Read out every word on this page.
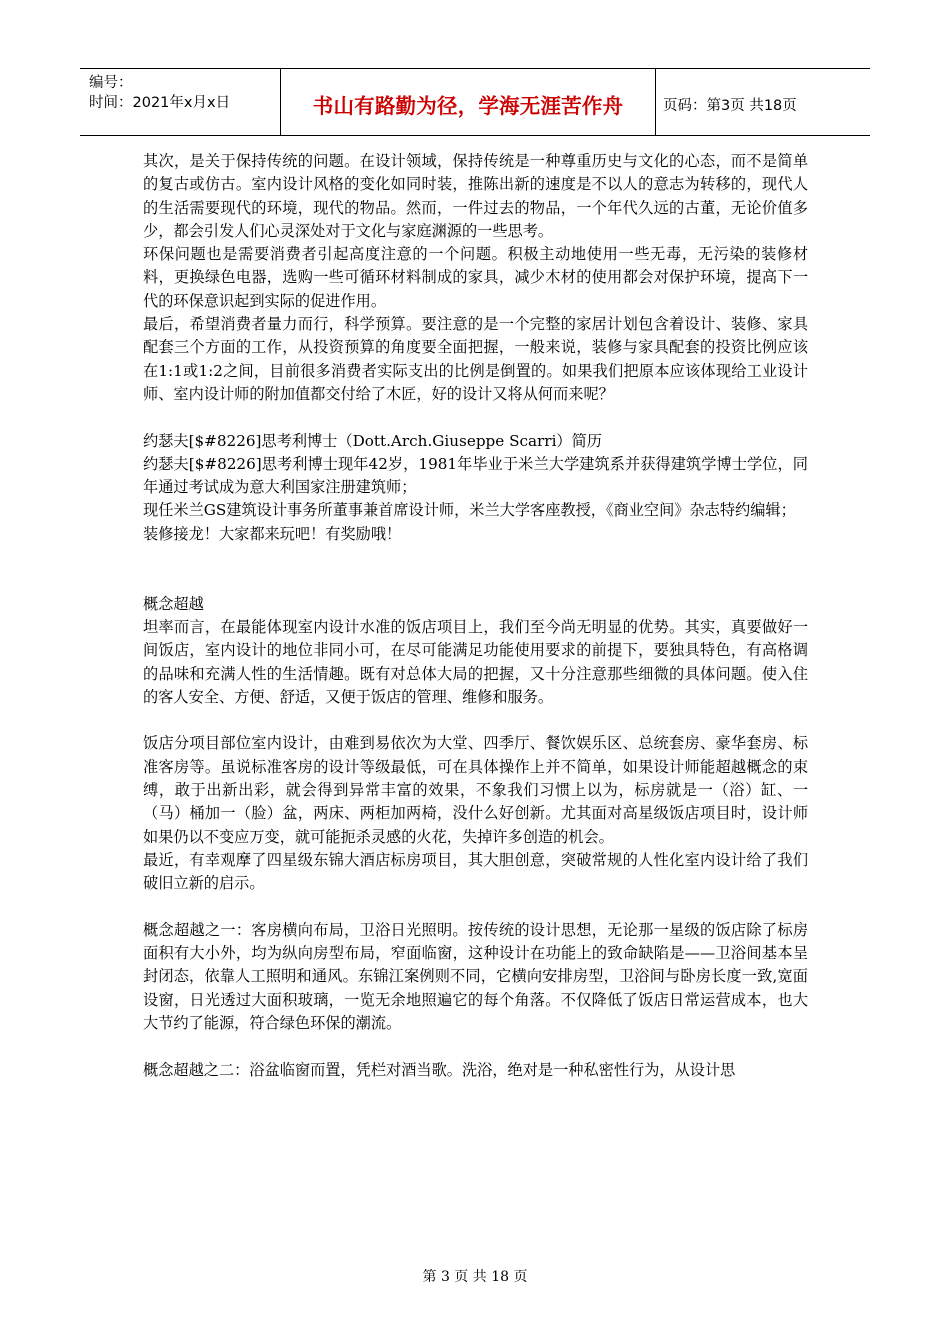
编号：
时间：2021年x月x日	书山有路勤为径，学海无涯苦作舟	页码：第3页 共18页

其次，是关于保持传统的问题。在设计领域，保持传统是一种尊重历史与文化的心态，而不是简单的复古或仿古。室内设计风格的变化如同时装，推陈出新的速度是不以人的意志为转移的，现代人的生活需要现代的环境，现代的物品。然而，一件过去的物品，一个年代久远的古董，无论价值多少，都会引发人们心灵深处对于文化与家庭渊源的一些思考。

环保问题也是需要消费者引起高度注意的一个问题。积极主动地使用一些无毒，无污染的装修材料，更换绿色电器，选购一些可循环材料制成的家具，减少木材的使用都会对保护环境，提高下一代的环保意识起到实际的促进作用。

最后，希望消费者量力而行，科学预算。要注意的是一个完整的家居计划包含着设计、装修、家具配套三个方面的工作，从投资预算的角度要全面把握，一般来说，装修与家具配套的投资比例应该在1:1或1:2之间，目前很多消费者实际支出的比例是倒置的。如果我们把原本应该体现给工业设计师、室内设计师的附加值都交付给了木匠，好的设计又将从何而来呢？

约瑟夫[$#8226]思考利博士（Dott.Arch.Giuseppe Scarri）简历

约瑟夫[$#8226]思考利博士现年42岁，1981年毕业于米兰大学建筑系并获得建筑学博士学位，同年通过考试成为意大利国家注册建筑师；

现任米兰GS建筑设计事务所董事兼首席设计师，米兰大学客座教授，《商业空间》杂志特约编辑；

装修接龙！大家都来玩吧！有奖励哦！

概念超越

坦率而言，在最能体现室内设计水准的饭店项目上，我们至今尚无明显的优势。其实，真要做好一间饭店，室内设计的地位非同小可，在尽可能满足功能使用要求的前提下，要独具特色，有高格调的品味和充满人性的生活情趣。既有对总体大局的把握，又十分注意那些细微的具体问题。使入住的客人安全、方便、舒适，又便于饭店的管理、维修和服务。

饭店分项目部位室内设计，由难到易依次为大堂、四季厅、餐饮娱乐区、总统套房、豪华套房、标准客房等。虽说标准客房的设计等级最低，可在具体操作上并不简单，如果设计师能超越概念的束缚，敢于出新出彩，就会得到异常丰富的效果，不象我们习惯上以为，标房就是一（浴）缸、一（马）桶加一（脸）盆，两床、两柜加两椅，没什么好创新。尤其面对高星级饭店项目时，设计师如果仍以不变应万变，就可能扼杀灵感的火花，失掉许多创造的机会。

最近，有幸观摩了四星级东锦大酒店标房项目，其大胆创意，突破常规的人性化室内设计给了我们破旧立新的启示。

概念超越之一：客房横向布局，卫浴日光照明。按传统的设计思想，无论那一星级的饭店除了标房面积有大小外，均为纵向房型布局，窄面临窗，这种设计在功能上的致命缺陷是——卫浴间基本呈封闭态，依靠人工照明和通风。东锦江案例则不同，它横向安排房型，卫浴间与卧房长度一致,宽面设窗，日光透过大面积玻璃，一览无余地照遍它的每个角落。不仅降低了饭店日常运营成本，也大大节约了能源，符合绿色环保的潮流。

概念超越之二：浴盆临窗而置，凭栏对酒当歌。洗浴，绝对是一种私密性行为，从设计思

第 3 页 共 18 页
